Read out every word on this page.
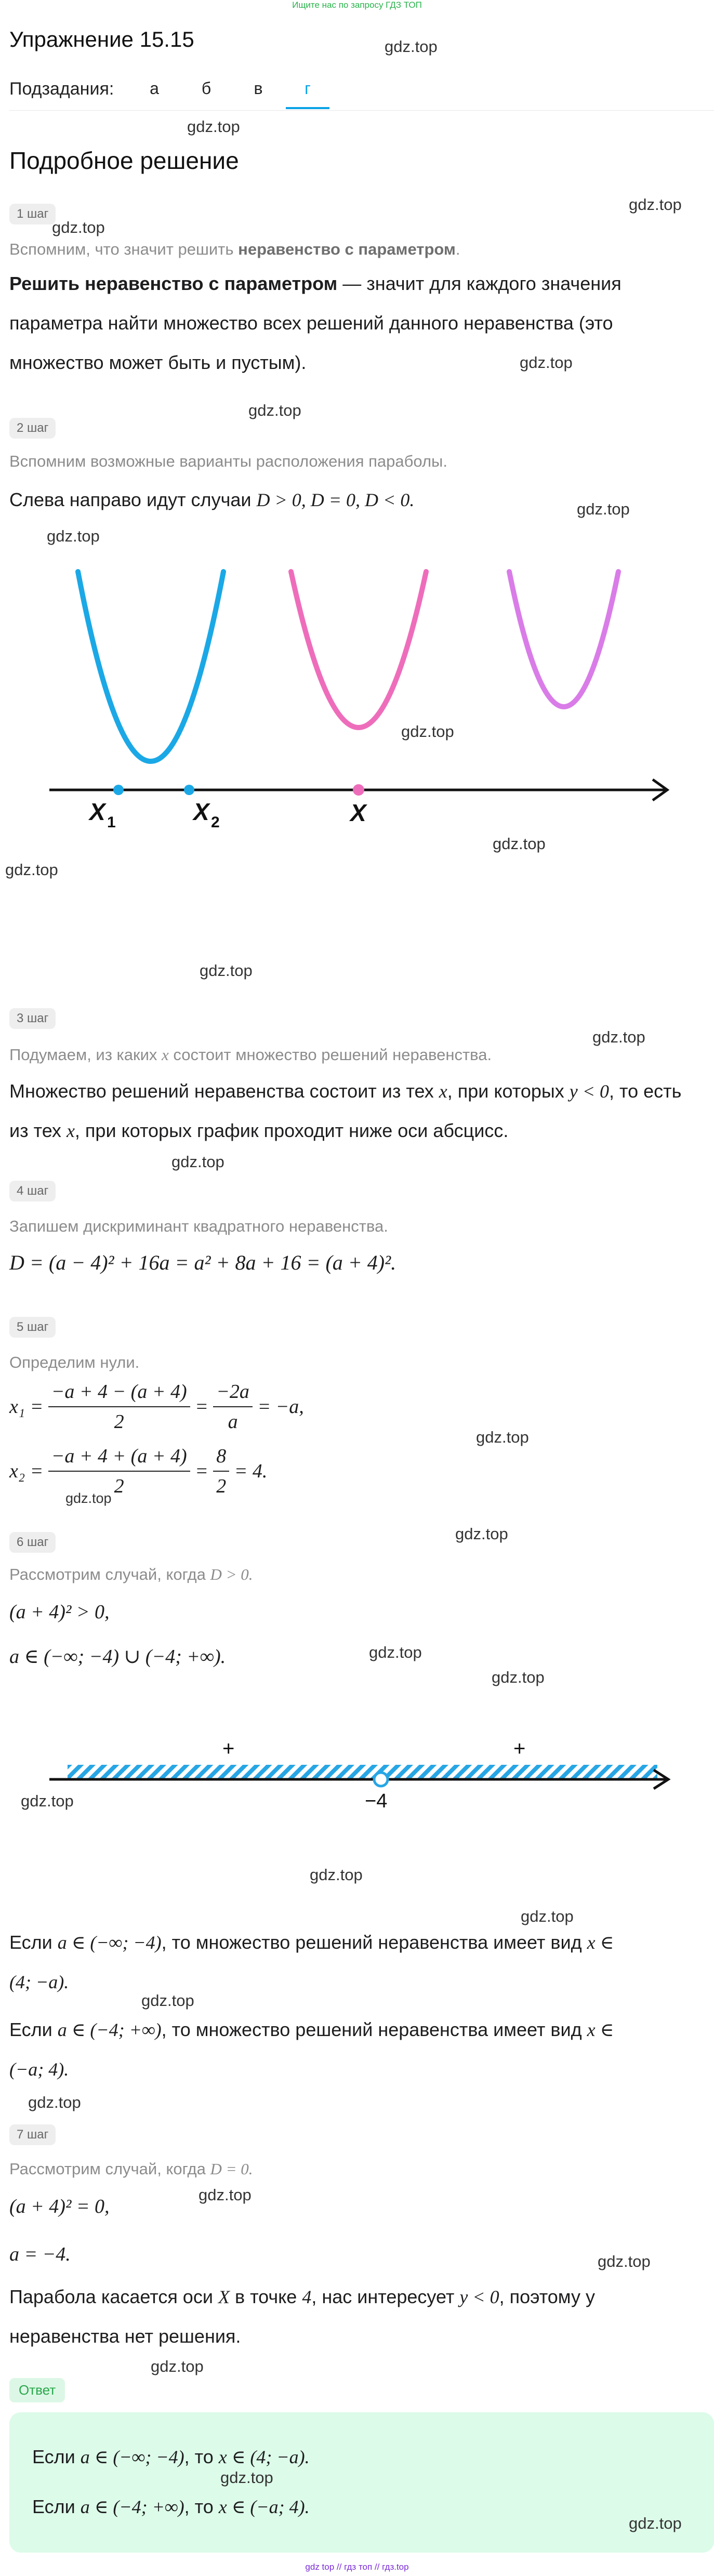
Ищите нас по запросу ГДЗ ТОП
Упражнение 15.15	gdz.top
Подзадания:	а	б	в	г
gdz.top
Подробное решение
1 шаг
gdz.top
gdz.top
Вспомним, что значит решить неравенство с параметром.
Решить неравенство с параметром — значит для каждого значения
параметра найти множество всех решений данного неравенства (это
множество может быть и пустым).	gdz.top
gdz.top
2 шаг
Вспомним возможные варианты расположения параболы.
Слева направо идут случаи D > 0, D = 0, D < 0.	gdz.top
gdz.top
X 1	X 2	X
gdz.top
gdz.top
gdz.top
gdz.top
3 шаг
gdz.top
Подумаем, из каких x состоит множество решений неравенства.
Множество решений неравенства состоит из тех x, при которых y < 0, то есть
из тех x, при которых график проходит ниже оси абсцисс.
gdz.top
4 шаг
Запишем дискриминант квадратного неравенства.
D = (a − 4)² + 16a = a² + 8a + 16 = (a + 4)².
5 шаг
Определим нули.
$x_1 = \frac{-a + 4 - (a + 4)}{2} = \frac{-2a}{a} = -a$,
$x_2 = \frac{-a + 4 + (a + 4)}{2} = \frac{8}{2} = 4$.
gdz.top
gdz.top
gdz.top
6 шаг
Рассмотрим случай, когда D > 0.
(a + 4)² > 0,
a ∈ (−∞; −4) ∪ (−4; +∞).	gdz.top
gdz.top
+	+
−4
gdz.top
gdz.top
gdz.top
Если a ∈ (−∞; −4), то множество решений неравенства имеет вид x ∈
(4; −a).
gdz.top
Если a ∈ (−4; +∞), то множество решений неравенства имеет вид x ∈
(−a; 4).
gdz.top
7 шаг
Рассмотрим случай, когда D = 0.
(a + 4)² = 0,
gdz.top
a = −4.	gdz.top
Парабола касается оси X в точке 4, нас интересует y < 0, поэтому у
неравенства нет решения.
gdz.top
Ответ
Если a ∈ (−∞; −4), то x ∈ (4; −a).
gdz.top
Если a ∈ (−4; +∞), то x ∈ (−a; 4).
gdz.top
gdz top // гдз топ // гдз.top
